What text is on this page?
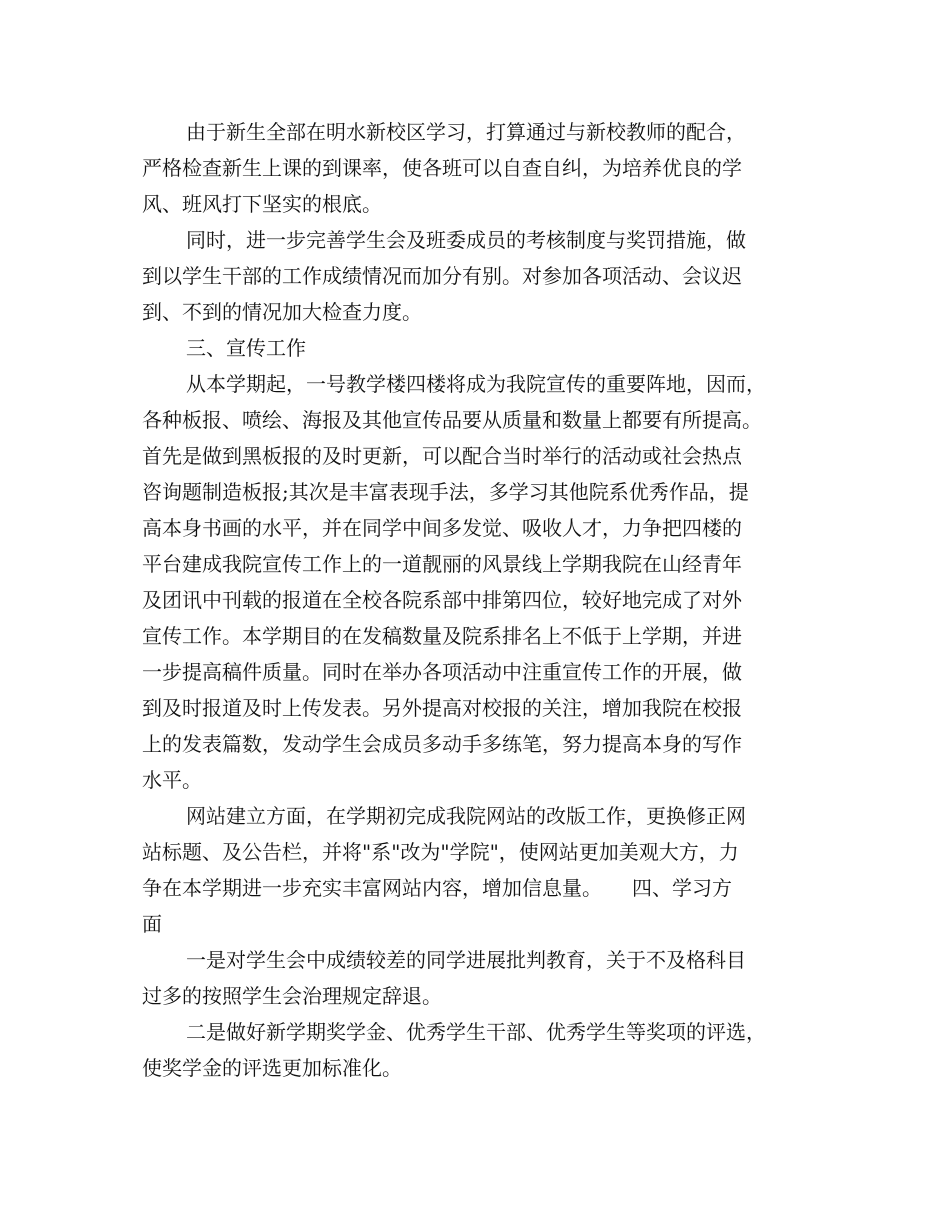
由于新生全部在明水新校区学习，打算通过与新校教师的配合，

严格检查新生上课的到课率，使各班可以自查自纠，为培养优良的学

风、班风打下坚实的根底。

同时，进一步完善学生会及班委成员的考核制度与奖罚措施，做

到以学生干部的工作成绩情况而加分有别。对参加各项活动、会议迟

到、不到的情况加大检查力度。

三、宣传工作

从本学期起，一号教学楼四楼将成为我院宣传的重要阵地，因而，

各种板报、喷绘、海报及其他宣传品要从质量和数量上都要有所提高。

首先是做到黑板报的及时更新，可以配合当时举行的活动或社会热点

咨询题制造板报;其次是丰富表现手法，多学习其他院系优秀作品，提

高本身书画的水平，并在同学中间多发觉、吸收人才，力争把四楼的

平台建成我院宣传工作上的一道靓丽的风景线上学期我院在山经青年

及团讯中刊载的报道在全校各院系部中排第四位，较好地完成了对外

宣传工作。本学期目的在发稿数量及院系排名上不低于上学期，并进

一步提高稿件质量。同时在举办各项活动中注重宣传工作的开展，做

到及时报道及时上传发表。另外提高对校报的关注，增加我院在校报

上的发表篇数，发动学生会成员多动手多练笔，努力提高本身的写作

水平。

网站建立方面，在学期初完成我院网站的改版工作，更换修正网

站标题、及公告栏，并将"系"改为"学院"，使网站更加美观大方，力

争在本学期进一步充实丰富网站内容，增加信息量。　　四、学习方

面

一是对学生会中成绩较差的同学进展批判教育，关于不及格科目

过多的按照学生会治理规定辞退。

二是做好新学期奖学金、优秀学生干部、优秀学生等奖项的评选，

使奖学金的评选更加标准化。
